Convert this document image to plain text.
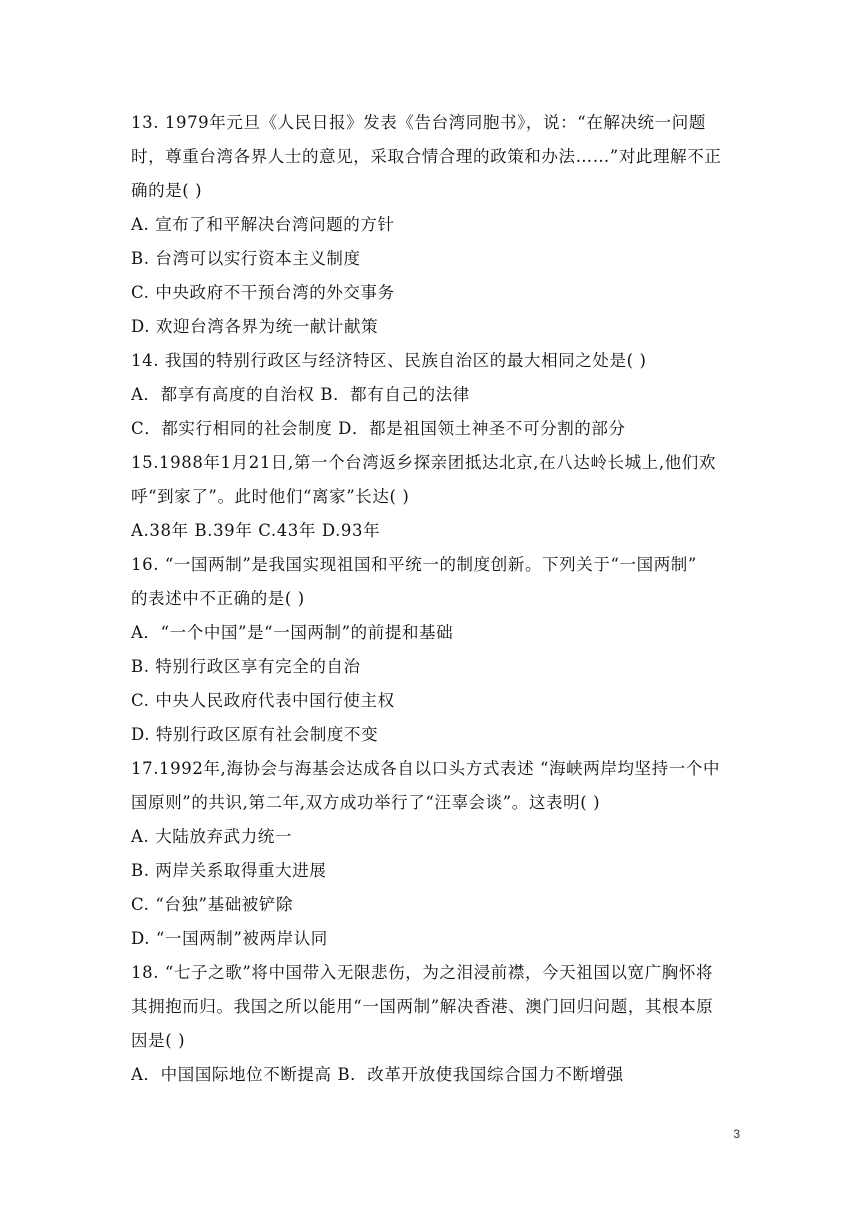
13. 1979年元旦《人民日报》发表《告台湾同胞书》，说：“在解决统一问题
时，尊重台湾各界人士的意见，采取合情合理的政策和办法……”对此理解不正
确的是( )
A. 宣布了和平解决台湾问题的方针
B. 台湾可以实行资本主义制度
C. 中央政府不干预台湾的外交事务
D. 欢迎台湾各界为统一献计献策
14. 我国的特别行政区与经济特区、民族自治区的最大相同之处是( )
A．都享有高度的自治权 B．都有自己的法律
C．都实行相同的社会制度 D．都是祖国领土神圣不可分割的部分
15.1988年1月21日,第一个台湾返乡探亲团抵达北京,在八达岭长城上,他们欢
呼“到家了”。此时他们“离家”长达( )
A.38年 B.39年 C.43年 D.93年
16. “一国两制”是我国实现祖国和平统一的制度创新。下列关于“一国两制”
的表述中不正确的是( )
A．“一个中国”是“一国两制”的前提和基础
B. 特别行政区享有完全的自治
C. 中央人民政府代表中国行使主权
D. 特别行政区原有社会制度不变
17.1992年,海协会与海基会达成各自以口头方式表述 “海峡两岸均坚持一个中
国原则”的共识,第二年,双方成功举行了“汪辜会谈”。这表明( )
A. 大陆放弃武力统一
B. 两岸关系取得重大进展
C. “台独”基础被铲除
D. “一国两制”被两岸认同
18. “七子之歌”将中国带入无限悲伤，为之泪浸前襟，今天祖国以宽广胸怀将
其拥抱而归。我国之所以能用“一国两制”解决香港、澳门回归问题，其根本原
因是( )
A．中国国际地位不断提高 B．改革开放使我国综合国力不断增强
3
